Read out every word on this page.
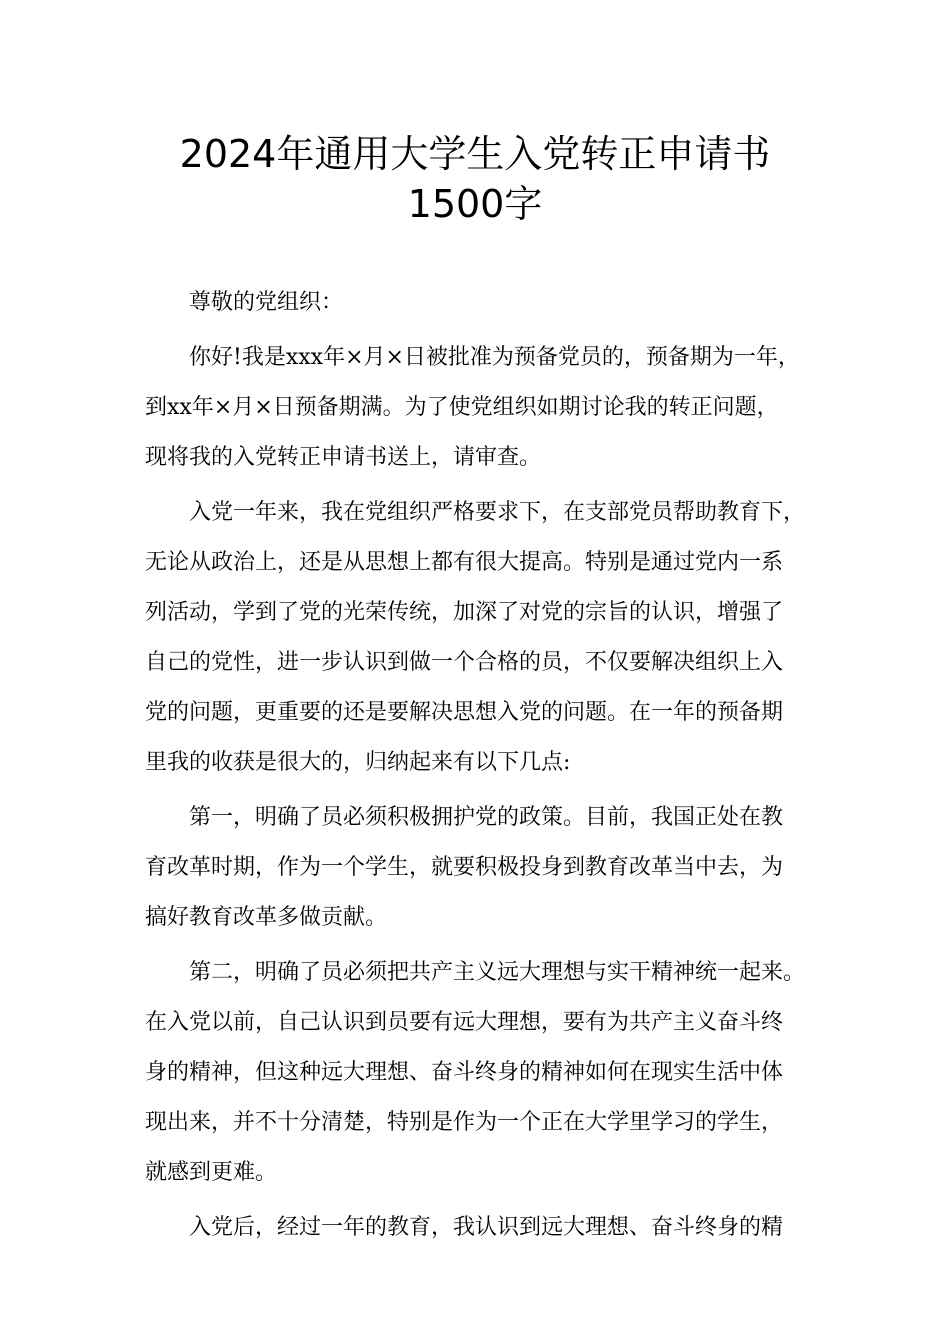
2024年通用大学生入党转正申请书
1500字

尊敬的党组织：

你好!我是xxx年×月×日被批准为预备党员的，预备期为一年，

到xx年×月×日预备期满。为了使党组织如期讨论我的转正问题，

现将我的入党转正申请书送上，请审查。

入党一年来，我在党组织严格要求下，在支部党员帮助教育下，

无论从政治上，还是从思想上都有很大提高。特别是通过党内一系

列活动，学到了党的光荣传统，加深了对党的宗旨的认识，增强了

自己的党性，进一步认识到做一个合格的员，不仅要解决组织上入

党的问题，更重要的还是要解决思想入党的问题。在一年的预备期

里我的收获是很大的，归纳起来有以下几点:

第一，明确了员必须积极拥护党的政策。目前，我国正处在教

育改革时期，作为一个学生，就要积极投身到教育改革当中去，为

搞好教育改革多做贡献。

第二，明确了员必须把共产主义远大理想与实干精神统一起来。

在入党以前，自己认识到员要有远大理想，要有为共产主义奋斗终

身的精神，但这种远大理想、奋斗终身的精神如何在现实生活中体

现出来，并不十分清楚，特别是作为一个正在大学里学习的学生，

就感到更难。

入党后，经过一年的教育，我认识到远大理想、奋斗终身的精
